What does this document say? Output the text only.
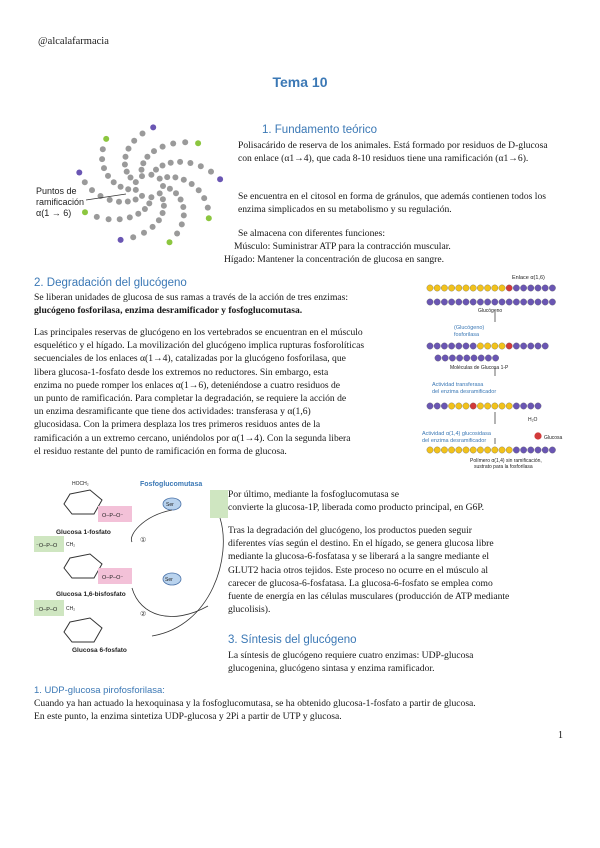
@alcalafarmacia
Tema 10
Puntos de
ramificación
α(1 → 6)
1. Fundamento teórico
Polisacárido de reserva de los animales. Está formado por residuos de D-glucosa con enlace (α1→4), que cada 8-10 residuos tiene una ramificación (α1→6).
Se encuentra en el citosol en forma de gránulos, que además contienen todos los enzima simplicados en su metabolismo y su regulación.
Se almacena con diferentes funciones:
Músculo: Suministrar ATP para la contracción muscular.
Hígado: Mantener la concentración de glucosa en sangre.
2. Degradación del glucógeno
Se liberan unidades de glucosa de sus ramas a través de la acción de tres enzimas:
glucógeno fosforilasa, enzima desramificador y fosfoglucomutasa.
Las principales reservas de glucógeno en los vertebrados se encuentran en el músculo
esquelético y el hígado. La movilización del glucógeno implica rupturas fosforolíticas
secuenciales de los enlaces α(1→4), catalizadas por la glucógeno fosforilasa, que
libera glucosa-1-fosfato desde los extremos no reductores. Sin embargo, esta
enzima no puede romper los enlaces α(1→6), deteniéndose a cuatro residuos de
un punto de ramificación. Para completar la degradación, se requiere la acción de
un enzima desramificante que tiene dos actividades: transferasa y α(1,6)
glucosidasa. Con la primera desplaza los tres primeros residuos antes de la
ramificación a un extremo cercano, uniéndolos por α(1→4). Con la segunda libera
el residuo restante del punto de ramificación en forma de glucosa.
Enlace α(1,6)
Glucógeno
(Glucógeno)
fosforilasa
Moléculas de Glucosa 1-P
Actividad transferasa
del enzima desramificador
H₂O
Actividad α(1,4) glucosidasa
del enzima desramificador	Glucosa
Polímero α(1,4) sin ramificación,
sustrato para la fosforilasa
HOCH₂
O–P–O⁻
Glucosa 1-fosfato
⁻O–P–O CH₂
O–P–O⁻
Glucosa 1,6-bisfosfato
⁻O–P–O CH₂
Glucosa 6-fosfato
Fosfoglucomutasa
Ser
Ser
①
②
Por último, mediante la fosfoglucomutasa se
convierte la glucosa-1P, liberada como producto principal, en G6P.
Tras la degradación del glucógeno, los productos pueden seguir
diferentes vías según el destino. En el hígado, se genera glucosa libre
mediante la glucosa-6-fosfatasa y se liberará a la sangre mediante el
GLUT2 hacia otros tejidos. Este proceso no ocurre en el músculo al
carecer de glucosa-6-fosfatasa. La glucosa-6-fosfato se emplea como
fuente de energía en las células musculares (producción de ATP mediante
glucolisis).
3. Síntesis del glucógeno
La síntesis de glucógeno requiere cuatro enzimas: UDP-glucosa
glucogenina, glucógeno sintasa y enzima ramificador.
1. UDP-glucosa pirofosforilasa:
Cuando ya han actuado la hexoquinasa y la fosfoglucomutasa, se ha obtenido glucosa-1-fosfato a partir de glucosa.
En este punto, la enzima sintetiza UDP-glucosa y 2Pi a partir de UTP y glucosa.
1
